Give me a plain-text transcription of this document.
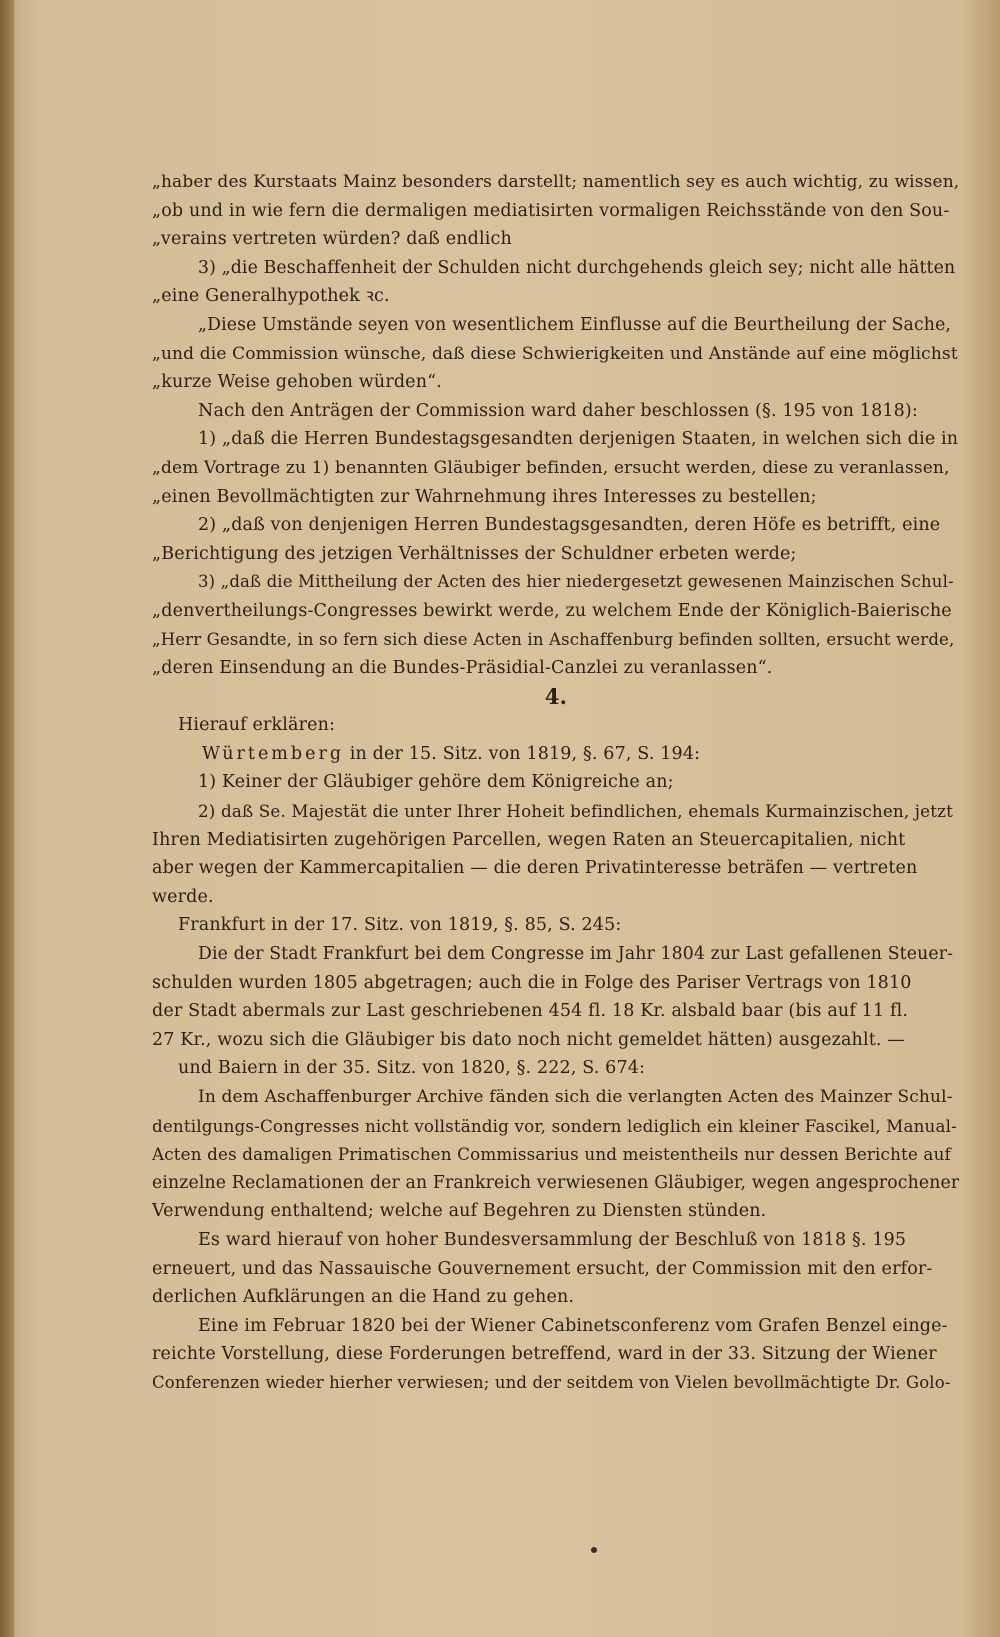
„haber des Kurstaats Mainz besonders darstellt; namentlich sey es auch wichtig, zu wissen,
„ob und in wie fern die dermaligen mediatisirten vormaligen Reichsstände von den Sou-
„verains vertreten würden? daß endlich
3) „die Beschaffenheit der Schulden nicht durchgehends gleich sey; nicht alle hätten
„eine Generalhypothek ꝛc.
„Diese Umstände seyen von wesentlichem Einflusse auf die Beurtheilung der Sache,
„und die Commission wünsche, daß diese Schwierigkeiten und Anstände auf eine möglichst
„kurze Weise gehoben würden“.
Nach den Anträgen der Commission ward daher beschlossen (§. 195 von 1818):
1) „daß die Herren Bundestagsgesandten derjenigen Staaten, in welchen sich die in
„dem Vortrage zu 1) benannten Gläubiger befinden, ersucht werden, diese zu veranlassen,
„einen Bevollmächtigten zur Wahrnehmung ihres Interesses zu bestellen;
2) „daß von denjenigen Herren Bundestagsgesandten, deren Höfe es betrifft, eine
„Berichtigung des jetzigen Verhältnisses der Schuldner erbeten werde;
3) „daß die Mittheilung der Acten des hier niedergesetzt gewesenen Mainzischen Schul-
„denvertheilungs-Congresses bewirkt werde, zu welchem Ende der Königlich-Baierische
„Herr Gesandte, in so fern sich diese Acten in Aschaffenburg befinden sollten, ersucht werde,
„deren Einsendung an die Bundes-Präsidial-Canzlei zu veranlassen“.
4.
Hierauf erklären:
Würtemberg in der 15. Sitz. von 1819, §. 67, S. 194:
1) Keiner der Gläubiger gehöre dem Königreiche an;
2) daß Se. Majestät die unter Ihrer Hoheit befindlichen, ehemals Kurmainzischen, jetzt
Ihren Mediatisirten zugehörigen Parcellen, wegen Raten an Steuercapitalien, nicht
aber wegen der Kammercapitalien — die deren Privatinteresse beträfen — vertreten
werde.
Frankfurt in der 17. Sitz. von 1819, §. 85, S. 245:
Die der Stadt Frankfurt bei dem Congresse im Jahr 1804 zur Last gefallenen Steuer-
schulden wurden 1805 abgetragen; auch die in Folge des Pariser Vertrags von 1810
der Stadt abermals zur Last geschriebenen 454 fl. 18 Kr. alsbald baar (bis auf 11 fl.
27 Kr., wozu sich die Gläubiger bis dato noch nicht gemeldet hätten) ausgezahlt. —
und Baiern in der 35. Sitz. von 1820, §. 222, S. 674:
In dem Aschaffenburger Archive fänden sich die verlangten Acten des Mainzer Schul-
dentilgungs-Congresses nicht vollständig vor, sondern lediglich ein kleiner Fascikel, Manual-
Acten des damaligen Primatischen Commissarius und meistentheils nur dessen Berichte auf
einzelne Reclamationen der an Frankreich verwiesenen Gläubiger, wegen angesprochener
Verwendung enthaltend; welche auf Begehren zu Diensten stünden.
Es ward hierauf von hoher Bundesversammlung der Beschluß von 1818 §. 195
erneuert, und das Nassauische Gouvernement ersucht, der Commission mit den erfor-
derlichen Aufklärungen an die Hand zu gehen.
Eine im Februar 1820 bei der Wiener Cabinetsconferenz vom Grafen Benzel einge-
reichte Vorstellung, diese Forderungen betreffend, ward in der 33. Sitzung der Wiener
Conferenzen wieder hierher verwiesen; und der seitdem von Vielen bevollmächtigte Dr. Golo-
